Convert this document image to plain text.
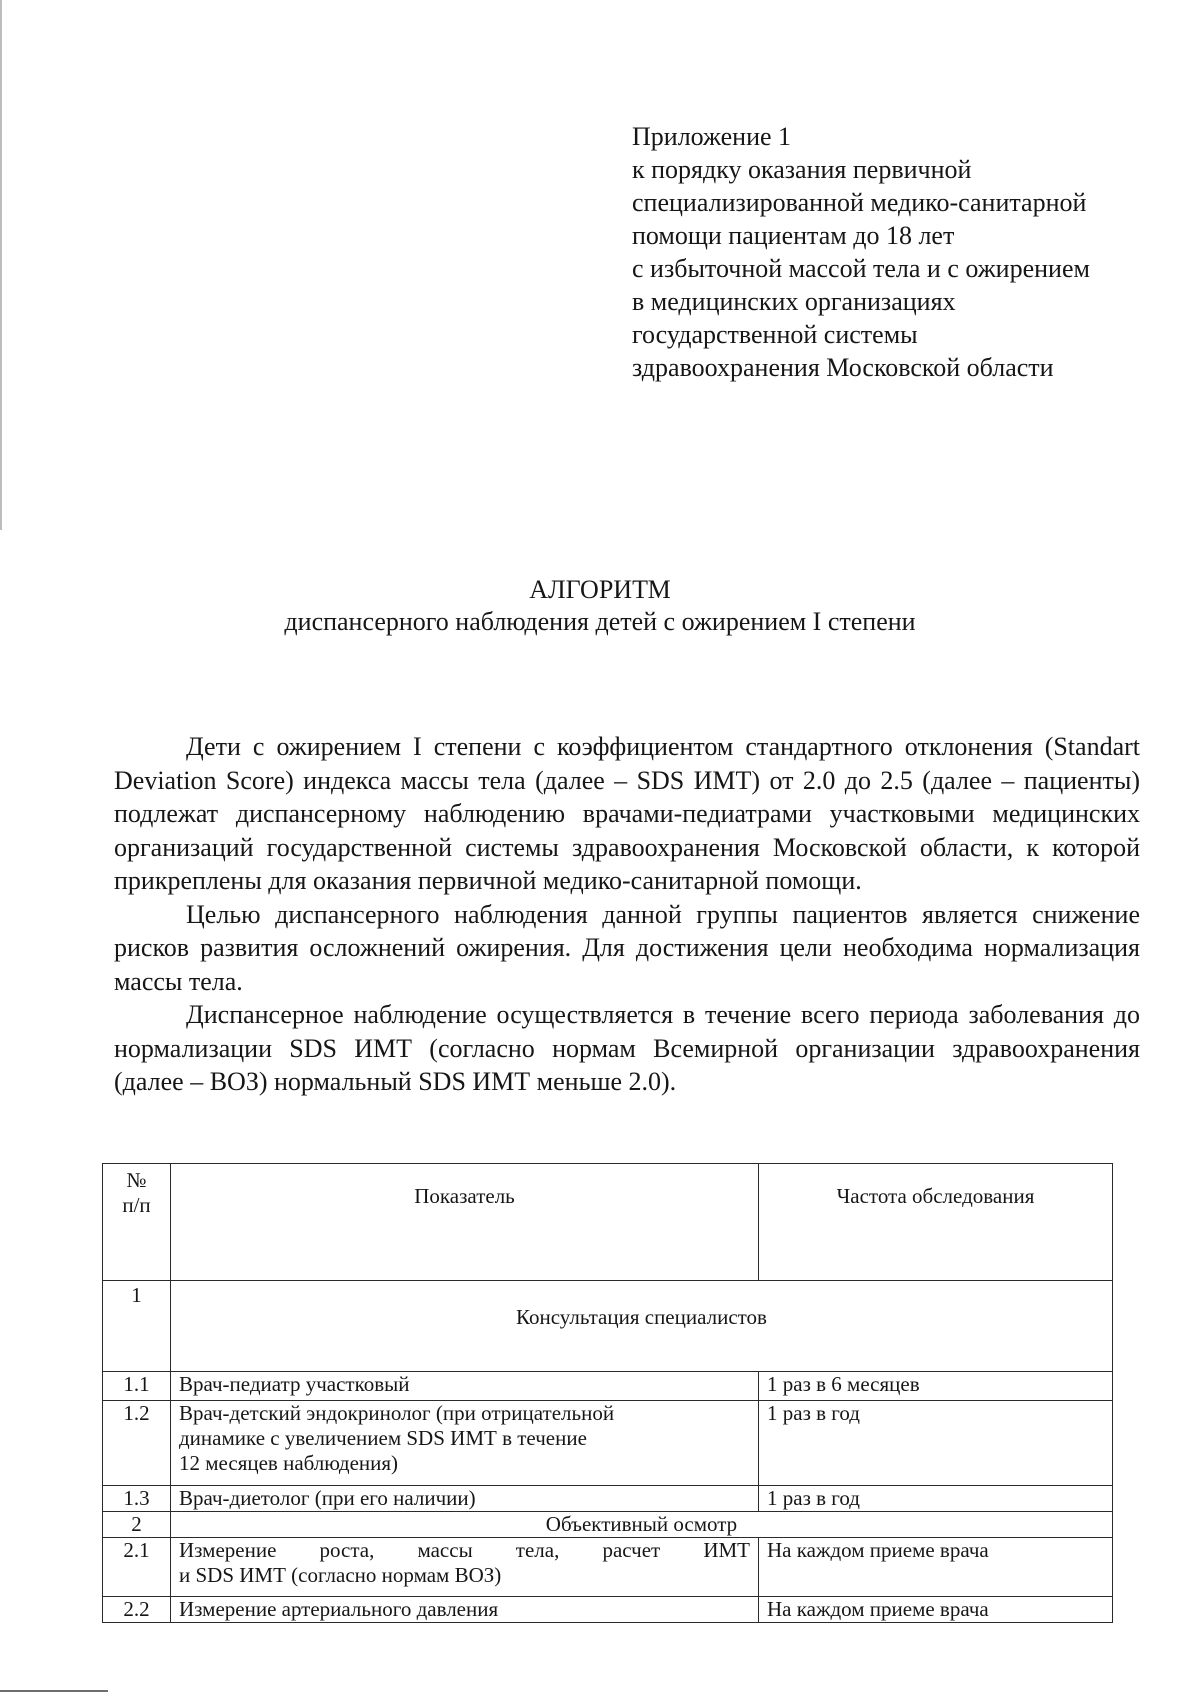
Приложение 1
к порядку оказания первичной
специализированной медико-санитарной
помощи пациентам до 18 лет
с избыточной массой тела и с ожирением
в медицинских организациях
государственной системы
здравоохранения Московской области
АЛГОРИТМ
диспансерного наблюдения детей с ожирением I степени

Дети с ожирением I степени с коэффициентом стандартного отклонения (Standart Deviation Score) индекса массы тела (далее – SDS ИМТ) от 2.0 до 2.5 (далее – пациенты) подлежат диспансерному наблюдению врачами-педиатрами участковыми медицинских организаций государственной системы здравоохранения Московской области, к которой прикреплены для оказания первичной медико-санитарной помощи.

Целью диспансерного наблюдения данной группы пациентов является снижение рисков развития осложнений ожирения. Для достижения цели необходима нормализация массы тела.

Диспансерное наблюдение осуществляется в течение всего периода заболевания до нормализации SDS ИМТ (согласно нормам Всемирной организации здравоохранения (далее – ВОЗ) нормальный SDS ИМТ меньше 2.0).

№
п/п	Показатель	Частота обследования
1	Консультация специалистов	
1.1	Врач-педиатр участковый	1 раз в 6 месяцев
1.2	Врач-детский эндокринолог (при отрицательной
динамике с увеличением SDS ИМТ в течение
12 месяцев наблюдения)	1 раз в год
1.3	Врач-диетолог (при его наличии)	1 раз в год
2	Объективный осмотр	
2.1	Измерение роста, массы тела, расчет ИМТ
и SDS ИМТ (согласно нормам ВОЗ)	На каждом приеме врача
2.2	Измерение артериального давления	На каждом приеме врача
